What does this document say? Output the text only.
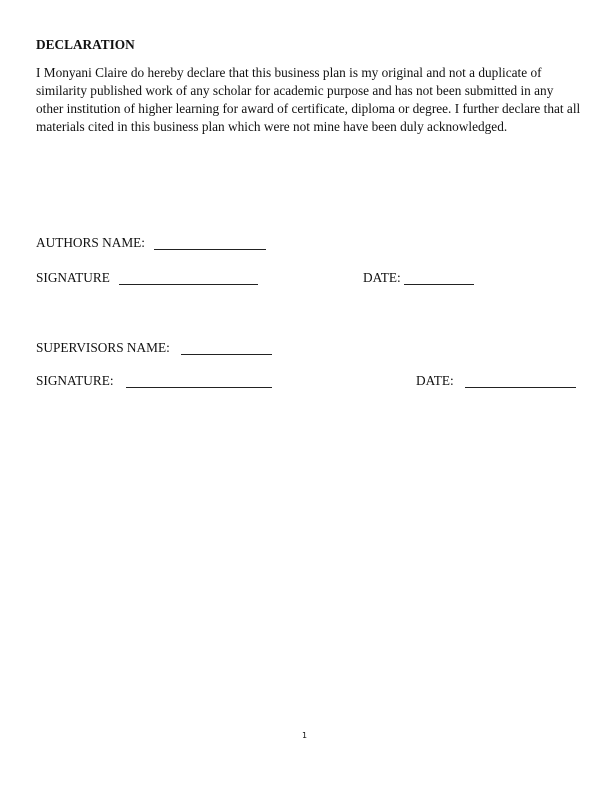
DECLARATION

I Monyani Claire do hereby declare that this business plan is my original and not a duplicate of similarity published work of any scholar for academic purpose and has not been submitted in any other institution of higher learning for award of certificate, diploma or degree. I further declare that all materials cited in this business plan which were not mine have been duly acknowledged.

AUTHORS NAME:
SIGNATURE	DATE:
SUPERVISORS NAME:
SIGNATURE:	DATE:
1
